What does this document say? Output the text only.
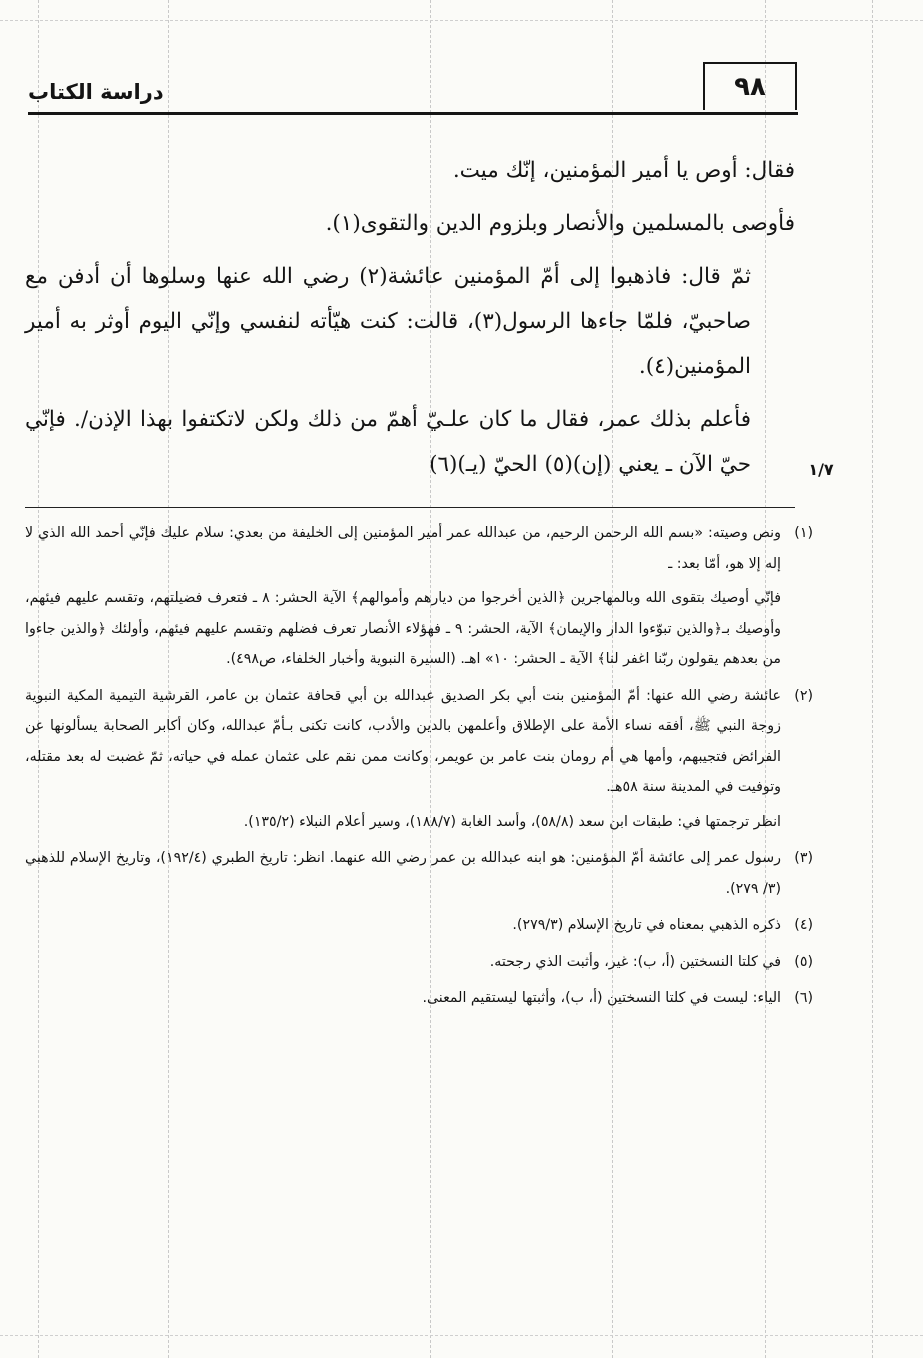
٩٨
دراسة الكتاب

فقال: أوص يا أمير المؤمنين، إنّك ميت.

فأوصى بالمسلمين والأنصار وبلزوم الدين والتقوى(١).

ثمّ قال: فاذهبوا إلى أمّ المؤمنين عائشة(٢) رضي الله عنها وسلوها أن أدفن مع صاحبيّ، فلمّا جاءها الرسول(٣)، قالت: كنت هيّأته لنفسي وإنّي اليوم أوثر به أمير المؤمنين(٤).

فأعلم بذلك عمر، فقال ما كان علـيّ أهمّ من ذلك ولكن لاتكتفوا بهذا الإذن/. فإنّي حيّ الآن ـ يعني (إن)(٥) الحيّ (يـ)(٦)	١/٧
(١)

ونص وصيته: «بسم الله الرحمن الرحيم، من عبدالله عمر أمير المؤمنين إلى الخليفة من بعدي: سلام عليك فإنّي أحمد الله الذي لا إله إلا هو، أمّا بعد: ـ

فإنّي أوصيك بتقوى الله وبالمهاجرين ﴿الذين أخرجوا من ديارهم وأموالهم﴾ الآية الحشر: ٨ ـ فتعرف فضيلتهم، وتقسم عليهم فيئهم، وأوصيك بـ﴿والذين تبوّءوا الدار والإيمان﴾ الآية، الحشر: ٩ ـ فهؤلاء الأنصار تعرف فضلهم وتقسم عليهم فيئهم، وأولئك ﴿والذين جاءوا من بعدهم يقولون ربّنا اغفر لنا﴾ الآية ـ الحشر: ١٠» اهـ. (السيرة النبوية وأخبار الخلفاء، ص٤٩٨).

(٢)

عائشة رضي الله عنها: أمّ المؤمنين بنت أبي بكر الصديق عبدالله بن أبي قحافة عثمان بن عامر، القرشية التيمية المكية النبوية زوجة النبي ﷺ، أفقه نساء الأمة على الإطلاق وأعلمهن بالدين والأدب، كانت تكنى بـأمّ عبدالله، وكان أكابر الصحابة يسألونها عن الفرائض فتجيبهم، وأمها هي أم رومان بنت عامر بن عويمر، وكانت ممن نقم على عثمان عمله في حياته، ثمّ غضبت له بعد مقتله، وتوفيت في المدينة سنة ٥٨هـ.

انظر ترجمتها في: طبقات ابن سعد (٥٨/٨)، وأسد الغابة (١٨٨/٧)، وسير أعلام النبلاء (١٣٥/٢).

(٣)

رسول عمر إلى عائشة أمّ المؤمنين: هو ابنه عبدالله بن عمر رضي الله عنهما. انظر: تاريخ الطبري (١٩٢/٤)، وتاريخ الإسلام للذهبي (٣/ ٢٧٩).

(٤)

ذكره الذهبي بمعناه في تاريخ الإسلام (٢٧٩/٣).

(٥)

في كلتا النسختين (أ، ب): غير، وأثبت الذي رجحته.

(٦)

الياء: ليست في كلتا النسختين (أ، ب)، وأثبتها ليستقيم المعنى.
